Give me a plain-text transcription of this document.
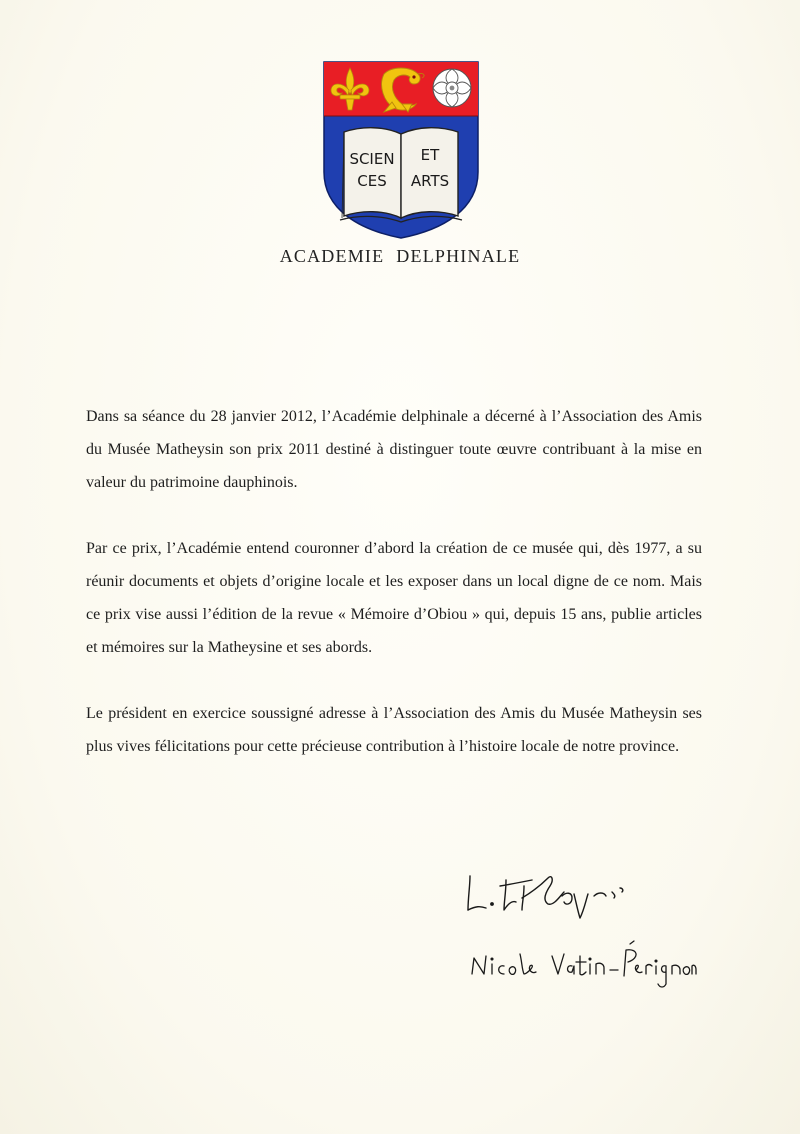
SCIEN
CES
ET
ARTS
ACADEMIE DELPHINALE

Dans sa séance du 28 janvier 2012, l’Académie delphinale a décerné à l’Association des Amis du Musée Matheysin son prix 2011 destiné à distinguer toute œuvre contribuant à la mise en valeur du patrimoine dauphinois.

Par ce prix, l’Académie entend couronner d’abord la création de ce musée qui, dès 1977, a su réunir documents et objets d’origine locale et les exposer dans un local digne de ce nom. Mais ce prix vise aussi l’édition de la revue « Mémoire d’Obiou » qui, depuis 15 ans, publie articles et mémoires sur la Matheysine et ses abords.

Le président en exercice soussigné adresse à l’Association des Amis du Musée Matheysin ses plus vives félicitations pour cette précieuse contribution à l’histoire locale de notre province.
